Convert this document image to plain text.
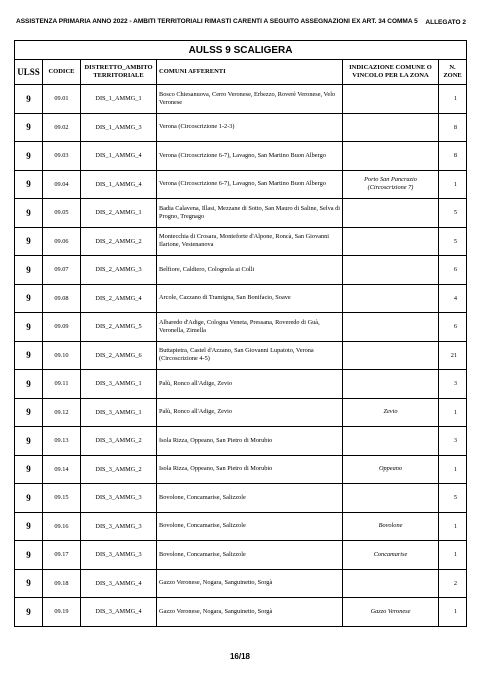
ASSISTENZA PRIMARIA ANNO 2022 - AMBITI TERRITORIALI RIMASTI CARENTI A SEGUITO ASSEGNAZIONI EX ART. 34 COMMA 5 ALLEGATO 2
AULSS 9 SCALIGERA					
ULSS	CODICE	DISTRETTO_AMBITO TERRITORIALE	COMUNI AFFERENTI	INDICAZIONE COMUNE O VINCOLO PER LA ZONA	N. ZONE
9	09.01	DIS_1_AMMG_1	Bosco Chiesanuova, Cerro Veronese, Erbezzo, Roverè Veronese, Velo Veronese		1
9	09.02	DIS_1_AMMG_3	Verona (Circoscrizione 1-2-3)		8
9	09.03	DIS_1_AMMG_4	Verona (Circoscrizione 6-7), Lavagno, San Martino Buon Albergo		8
9	09.04	DIS_1_AMMG_4	Verona (Circoscrizione 6-7), Lavagno, San Martino Buon Albergo	Porto San Pancrazio (Circoscrizione 7)	1
9	09.05	DIS_2_AMMG_1	Badia Calavena, Illasi, Mezzane di Sotto, San Mauro di Saline, Selva di Progno, Tregnago		5
9	09.06	DIS_2_AMMG_2	Montecchia di Crosara, Monteforte d'Alpone, Roncà, San Giovanni Ilarione, Vestenanova		5
9	09.07	DIS_2_AMMG_3	Belfiore, Caldiero, Colognola ai Colli		6
9	09.08	DIS_2_AMMG_4	Arcole, Cazzano di Tramigna, San Bonifacio, Soave		4
9	09.09	DIS_2_AMMG_5	Albaredo d'Adige, Cologna Veneta, Pressana, Roveredo di Guà, Veronella, Zimella		6
9	09.10	DIS_2_AMMG_6	Buttapietra, Castel d'Azzano, San Giovanni Lupatoto, Verona (Circoscrizione 4-5)		21
9	09.11	DIS_3_AMMG_1	Palù, Ronco all'Adige, Zevio		3
9	09.12	DIS_3_AMMG_1	Palù, Ronco all'Adige, Zevio	Zevio	1
9	09.13	DIS_3_AMMG_2	Isola Rizza, Oppeano, San Pietro di Morubio		3
9	09.14	DIS_3_AMMG_2	Isola Rizza, Oppeano, San Pietro di Morubio	Oppeano	1
9	09.15	DIS_3_AMMG_3	Bovolone, Concamarise, Salizzole		5
9	09.16	DIS_3_AMMG_3	Bovolone, Concamarise, Salizzole	Bovolone	1
9	09.17	DIS_3_AMMG_3	Bovolone, Concamarise, Salizzole	Concamarise	1
9	09.18	DIS_3_AMMG_4	Gazzo Veronese, Nogara, Sanguinetto, Sorgà		2
9	09.19	DIS_3_AMMG_4	Gazzo Veronese, Nogara, Sanguinetto, Sorgà	Gazzo Veronese	1
16/18
